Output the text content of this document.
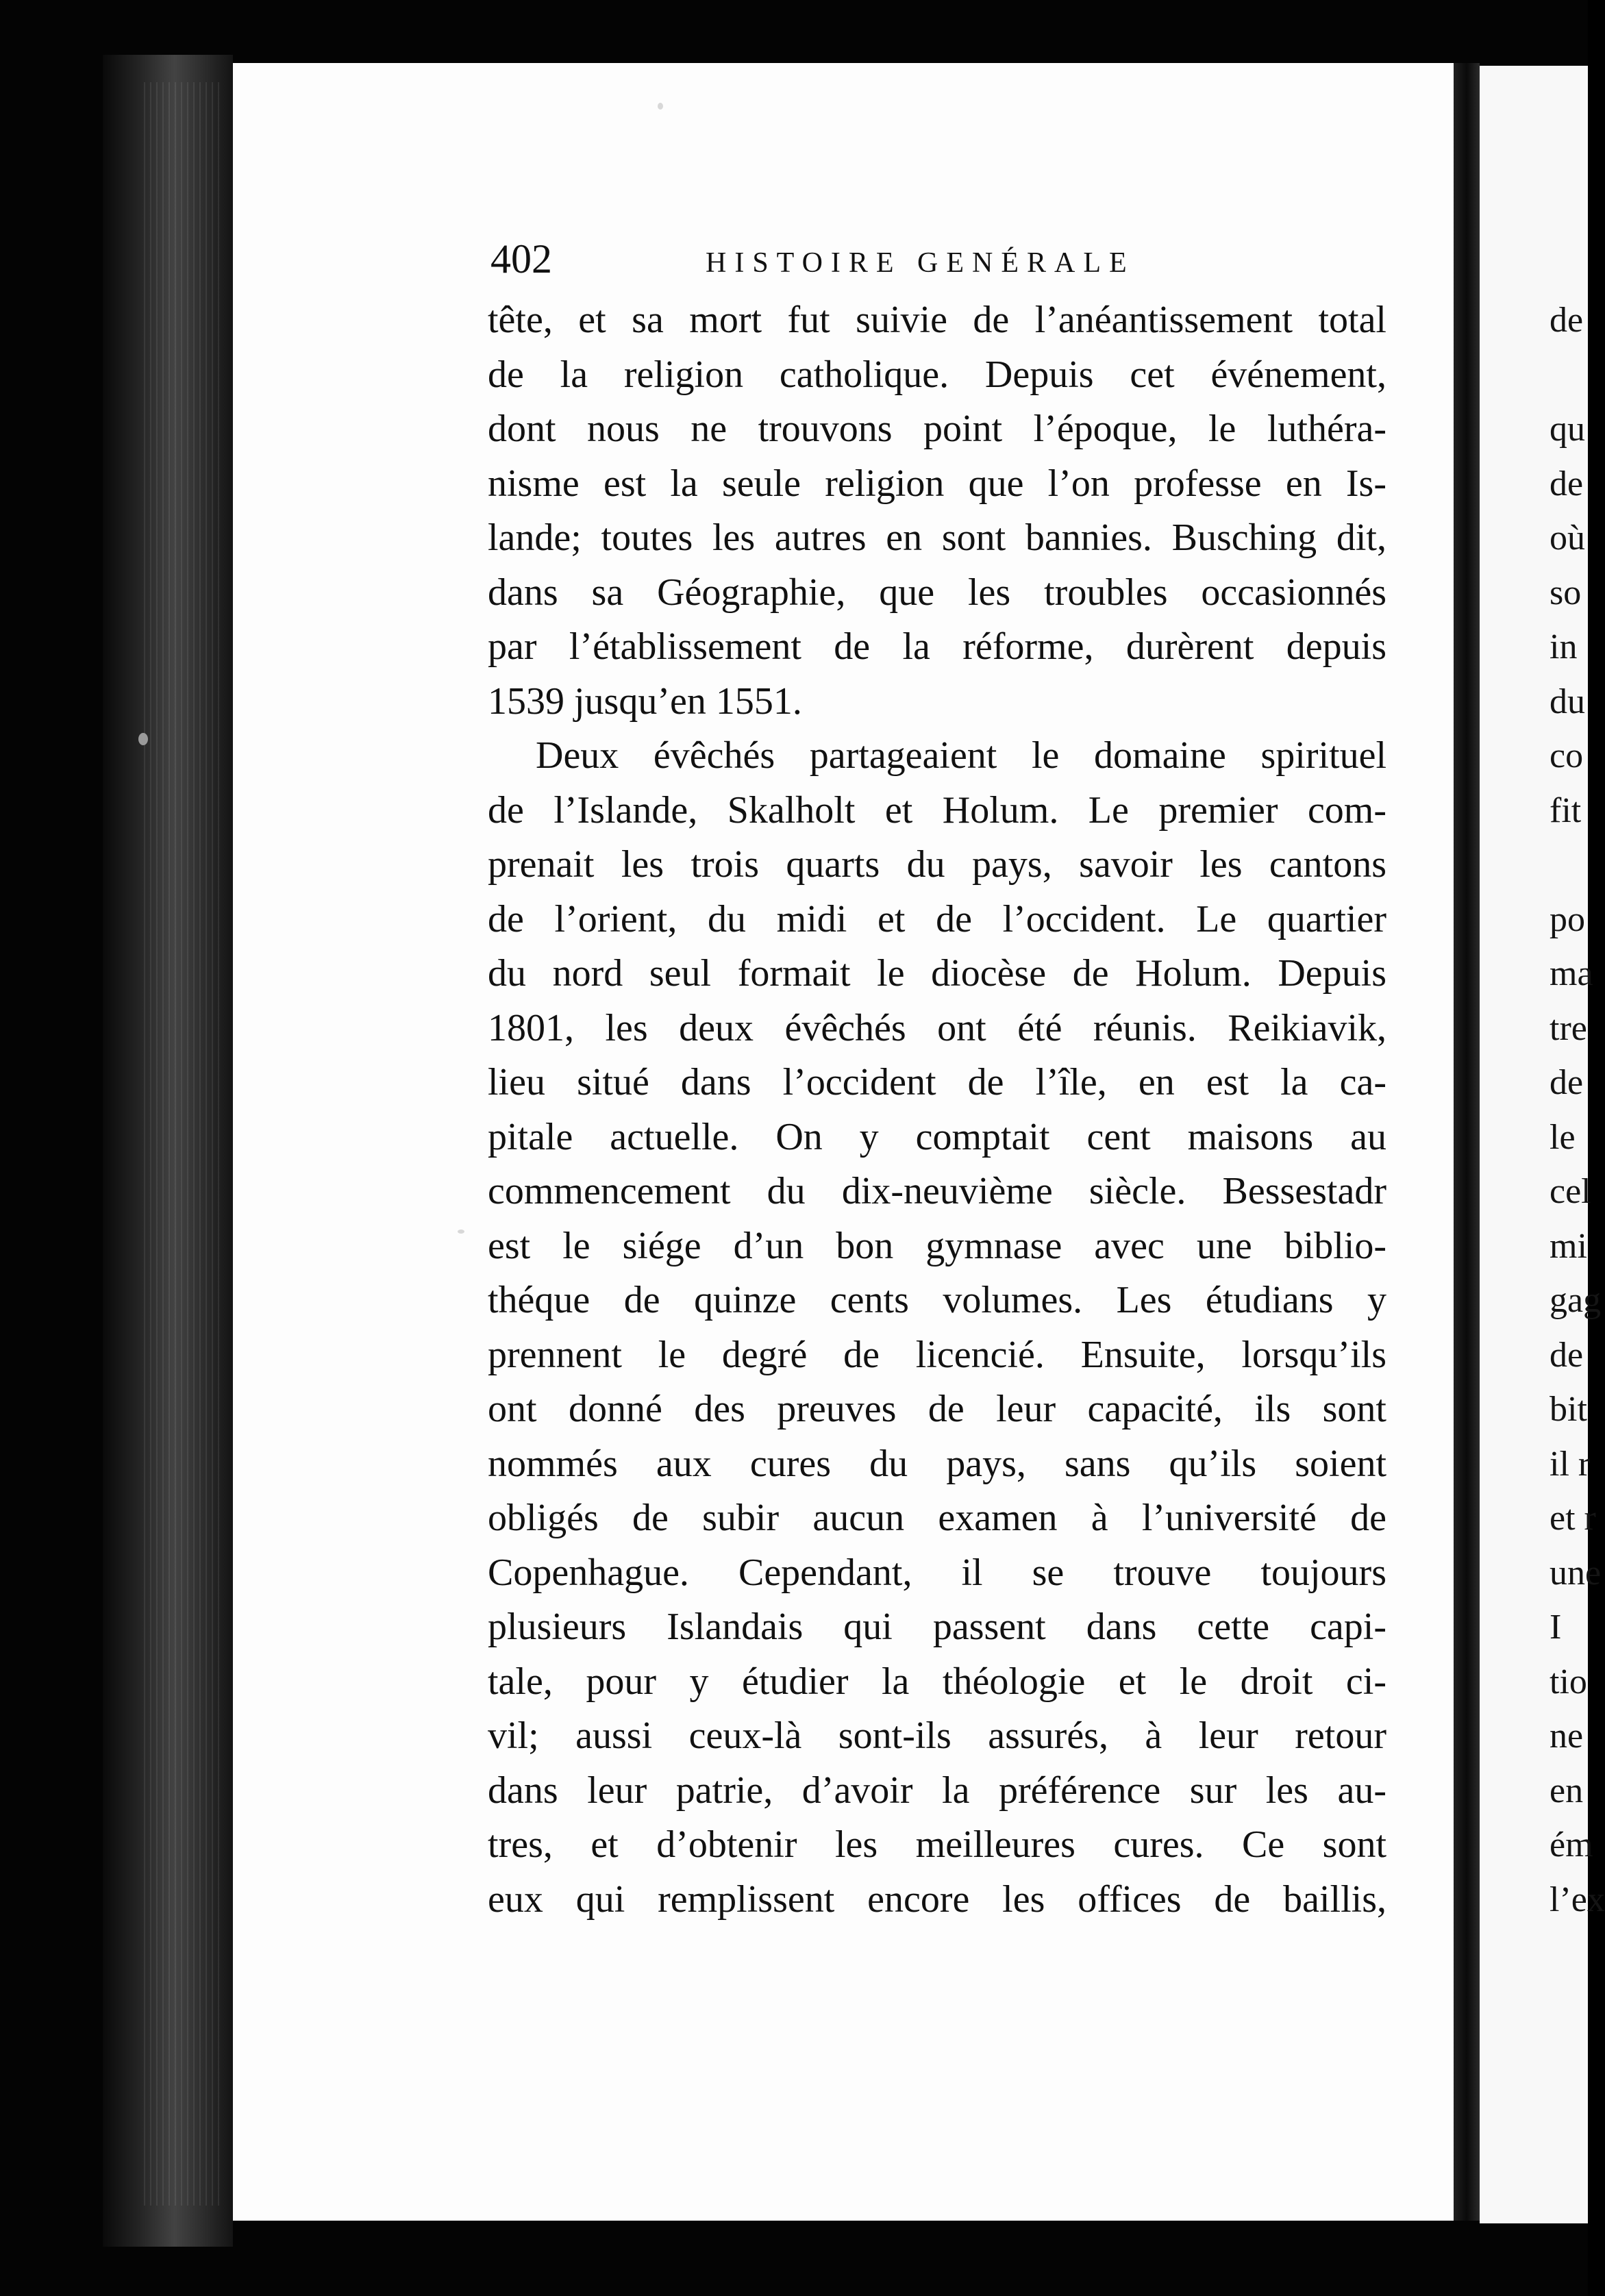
402	HISTOIRE GENÉRALE
tête, et sa mort fut suivie de l’anéantissement total
de la religion catholique. Depuis cet événement,
dont nous ne trouvons point l’époque, le luthéra-
nisme est la seule religion que l’on professe en Is-
lande; toutes les autres en sont bannies. Busching dit,
dans sa Géographie, que les troubles occasionnés
par l’établissement de la réforme, durèrent depuis
1539 jusqu’en 1551.
Deux évêchés partageaient le domaine spirituel
de l’Islande, Skalholt et Holum. Le premier com-
prenait les trois quarts du pays, savoir les cantons
de l’orient, du midi et de l’occident. Le quartier
du nord seul formait le diocèse de Holum. Depuis
1801, les deux évêchés ont été réunis. Reikiavik,
lieu situé dans l’occident de l’île, en est la ca-
pitale actuelle. On y comptait cent maisons au
commencement du dix-neuvième siècle. Bessestadr
est le siége d’un bon gymnase avec une biblio-
théque de quinze cents volumes. Les étudians y
prennent le degré de licencié. Ensuite, lorsqu’ils
ont donné des preuves de leur capacité, ils sont
nommés aux cures du pays, sans qu’ils soient
obligés de subir aucun examen à l’université de
Copenhague. Cependant, il se trouve toujours
plusieurs Islandais qui passent dans cette capi-
tale, pour y étudier la théologie et le droit ci-
vil; aussi ceux-là sont-ils assurés, à leur retour
dans leur patrie, d’avoir la préférence sur les au-
tres, et d’obtenir les meilleures cures. Ce sont
eux qui remplissent encore les offices de baillis,
de
qu
de
où
so
in
du
co
fit
po
ma
tre
de
le
cel
mi
gag
de
bit
il r
et r
une
I
tio
ne
en
ém
l’ex
